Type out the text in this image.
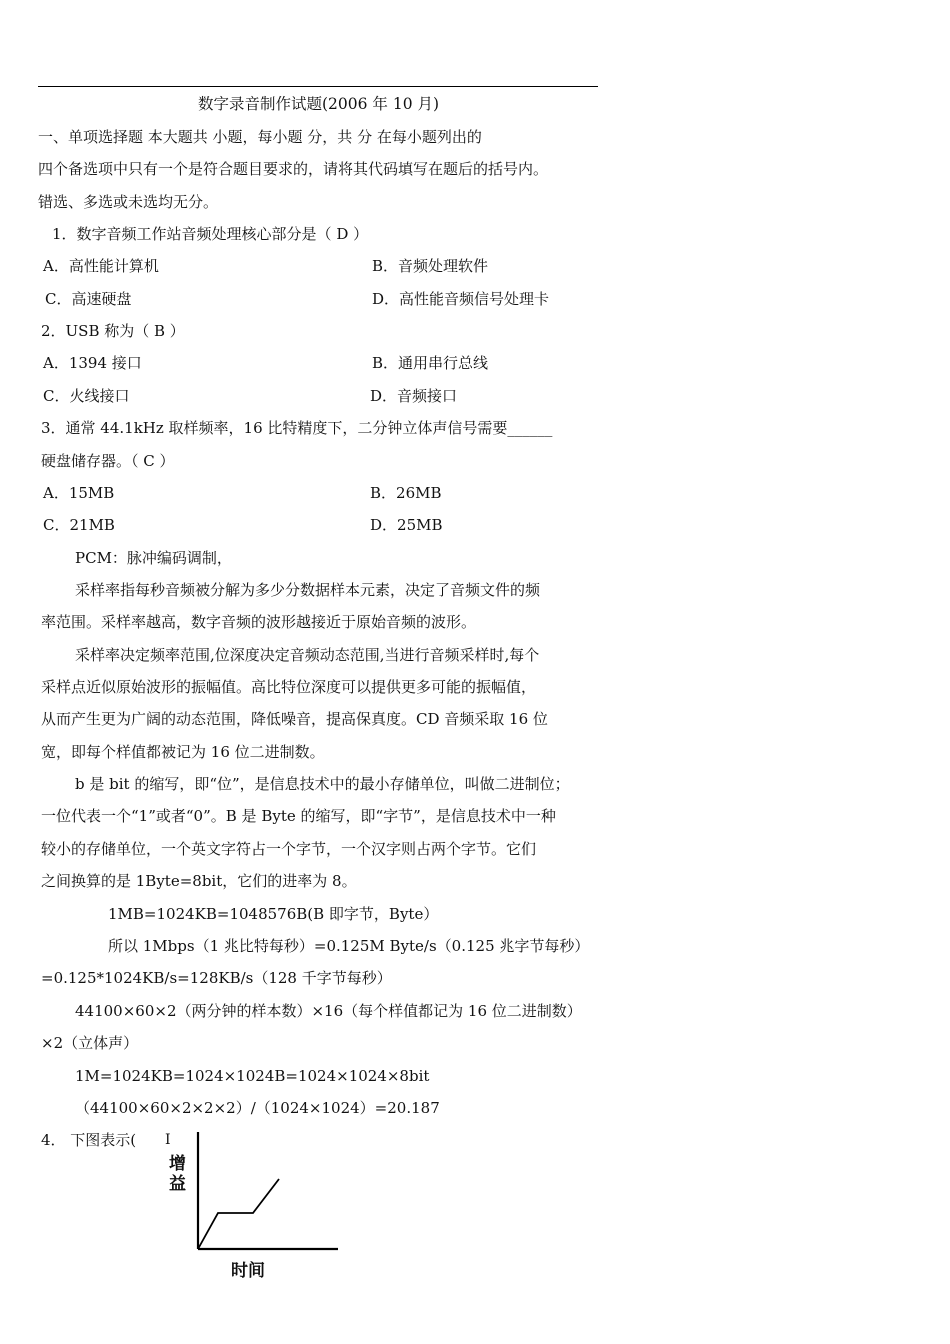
数字录音制作试题(2006 年 10 月)
一、单项选择题 本大题共 小题，每小题 分，共 分 在每小题列出的
四个备选项中只有一个是符合题目要求的，请将其代码填写在题后的括号内。
错选、多选或未选均无分。
1．数字音频工作站音频处理核心部分是（ D ）
A．高性能计算机	B．音频处理软件
C．高速硬盘	D．高性能音频信号处理卡
2．USB 称为（ B ）
A．1394 接口	B．通用串行总线
C．火线接口	D．音频接口
3．通常 44.1kHz 取样频率，16 比特精度下，二分钟立体声信号需要______
硬盘储存器。（ C ）
A．15MB	B．26MB
C．21MB	D．25MB
PCM：脉冲编码调制，
采样率指每秒音频被分解为多少分数据样本元素，决定了音频文件的频
率范围。采样率越高，数字音频的波形越接近于原始音频的波形。
采样率决定频率范围,位深度决定音频动态范围,当进行音频采样时,每个
采样点近似原始波形的振幅值。高比特位深度可以提供更多可能的振幅值，
从而产生更为广阔的动态范围，降低噪音，提高保真度。CD 音频采取 16 位
宽，即每个样值都被记为 16 位二进制数。
b 是 bit 的缩写，即“位”，是信息技术中的最小存储单位，叫做二进制位；
一位代表一个“1”或者“0”。B 是 Byte 的缩写，即“字节”，是信息技术中一种
较小的存储单位，一个英文字符占一个字节，一个汉字则占两个字节。它们
之间换算的是 1Byte=8bit，它们的进率为 8。
1MB=1024KB=1048576B(B 即字节，Byte）
所以 1Mbps（1 兆比特每秒）=0.125M Byte/s（0.125 兆字节每秒）
=0.125*1024KB/s=128KB/s（128 千字节每秒）
44100×60×2（两分钟的样本数）×16（每个样值都记为 16 位二进制数）
×2（立体声）
1M=1024KB=1024×1024B=1024×1024×8bit
（44100×60×2×2×2）/（1024×1024）=20.187
4． 下图表示( I
增益
时间
